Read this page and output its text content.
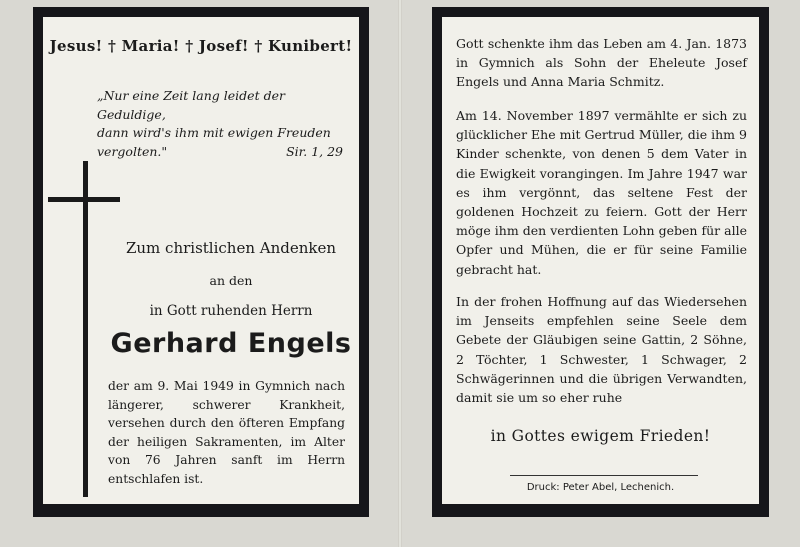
Jesus! † Maria! † Josef! † Kunibert!

„Nur eine Zeit lang leidet der Geduldige,

dann wird's ihm mit ewigen Freuden

vergolten."	Sir. 1, 29

Zum christlichen Andenken
an den
in Gott ruhenden Herrn
Gerhard Engels

der am 9. Mai 1949 in Gymnich nach längerer, schwerer Krankheit, versehen durch den öfteren Empfang der heiligen Sakramenten, im Alter von 76 Jahren sanft im Herrn entschlafen ist.

Gott schenkte ihm das Leben am 4. Jan. 1873 in Gymnich als Sohn der Eheleute Josef Engels und Anna Maria Schmitz.

Am 14. November 1897 vermählte er sich zu glücklicher Ehe mit Gertrud Müller, die ihm 9 Kinder schenkte, von denen 5 dem Vater in die Ewigkeit vorangingen. Im Jahre 1947 war es ihm vergönnt, das seltene Fest der goldenen Hochzeit zu feiern. Gott der Herr möge ihm den verdienten Lohn geben für alle Opfer und Mühen, die er für seine Familie gebracht hat.

In der frohen Hoffnung auf das Wiedersehen im Jenseits empfehlen seine Seele dem Gebete der Gläubigen seine Gattin, 2 Söhne, 2 Töchter, 1 Schwester, 1 Schwager, 2 Schwägerinnen und die übrigen Verwandten, damit sie um so eher ruhe

in Gottes ewigem Frieden!
Druck: Peter Abel, Lechenich.
